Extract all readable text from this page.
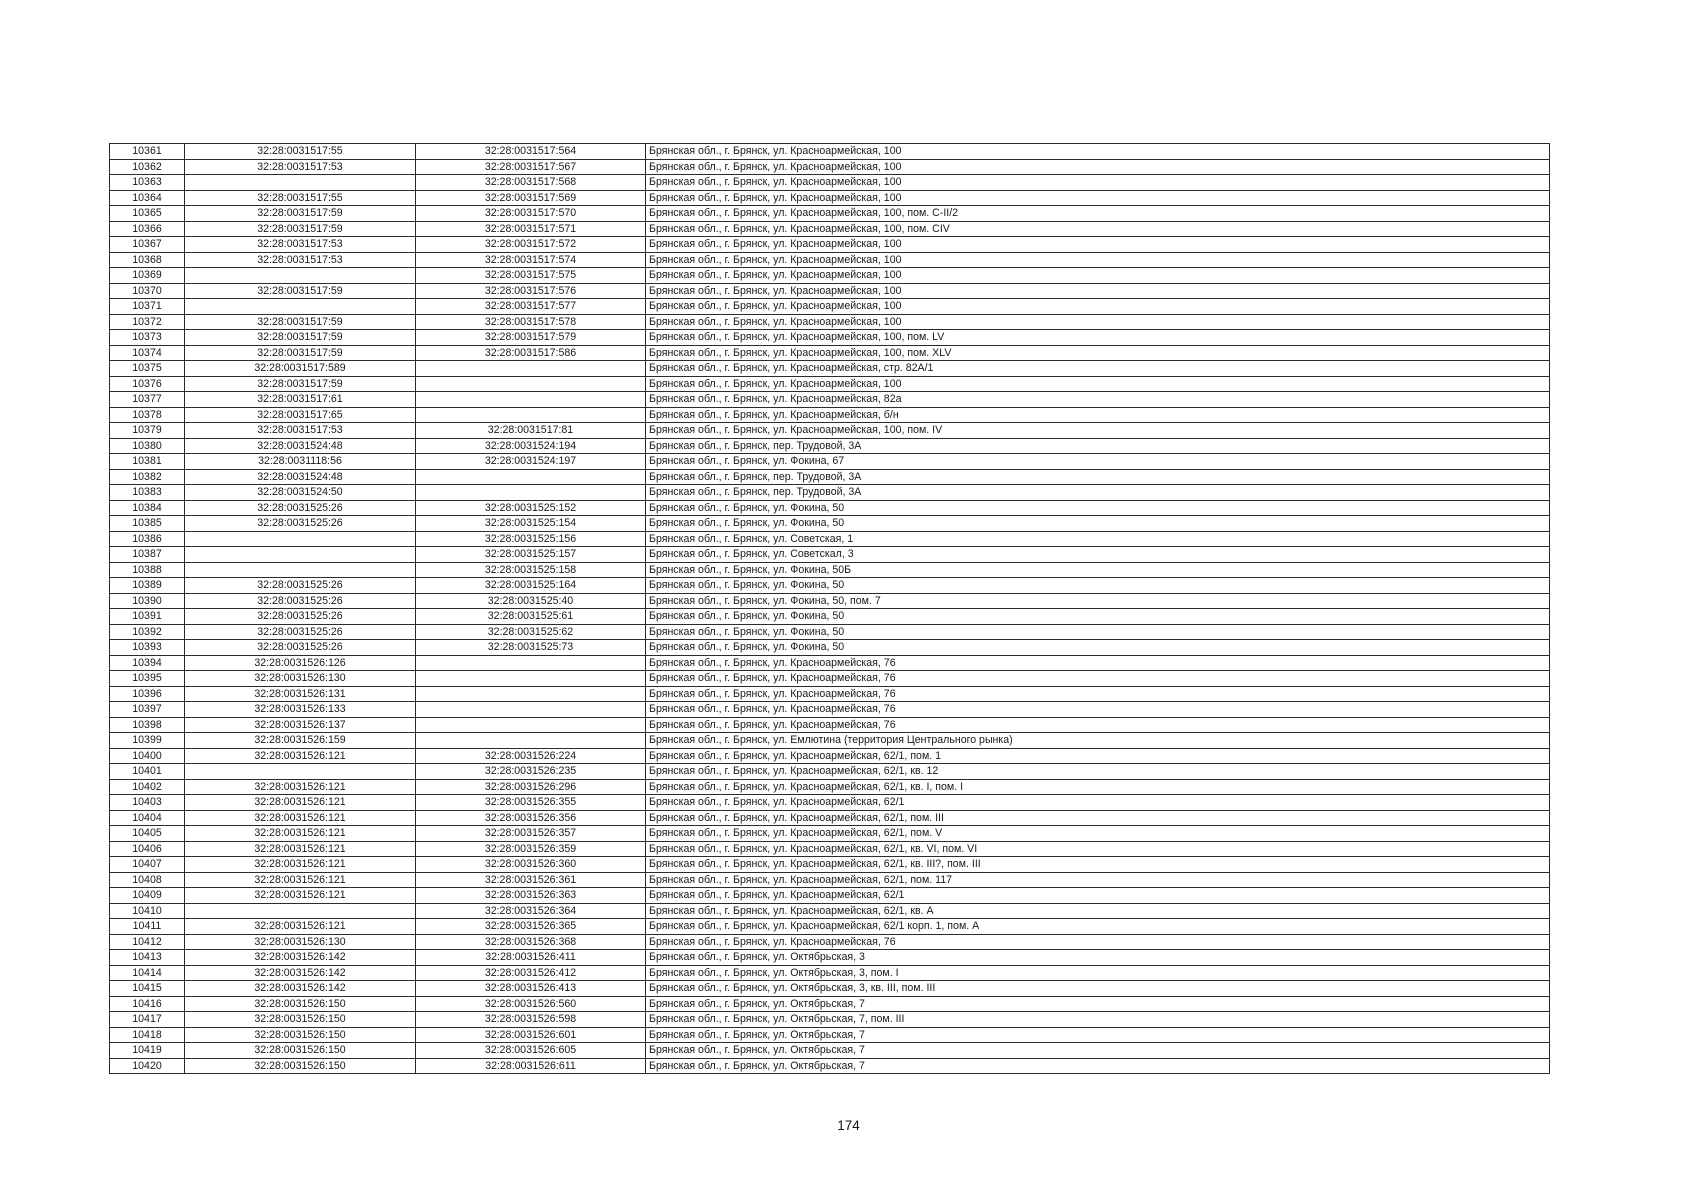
10361	32:28:0031517:55	32:28:0031517:564	Брянская обл., г. Брянск, ул. Красноармейская, 100
10362	32:28:0031517:53	32:28:0031517:567	Брянская обл., г. Брянск, ул. Красноармейская, 100
10363		32:28:0031517:568	Брянская обл., г. Брянск, ул. Красноармейская, 100
10364	32:28:0031517:55	32:28:0031517:569	Брянская обл., г. Брянск, ул. Красноармейская, 100
10365	32:28:0031517:59	32:28:0031517:570	Брянская обл., г. Брянск, ул. Красноармейская, 100, пом. С-II/2
10366	32:28:0031517:59	32:28:0031517:571	Брянская обл., г. Брянск, ул. Красноармейская, 100, пом. СIV
10367	32:28:0031517:53	32:28:0031517:572	Брянская обл., г. Брянск, ул. Красноармейская, 100
10368	32:28:0031517:53	32:28:0031517:574	Брянская обл., г. Брянск, ул. Красноармейская, 100
10369		32:28:0031517:575	Брянская обл., г. Брянск, ул. Красноармейская, 100
10370	32:28:0031517:59	32:28:0031517:576	Брянская обл., г. Брянск, ул. Красноармейская, 100
10371		32:28:0031517:577	Брянская обл., г. Брянск, ул. Красноармейская, 100
10372	32:28:0031517:59	32:28:0031517:578	Брянская обл., г. Брянск, ул. Красноармейская, 100
10373	32:28:0031517:59	32:28:0031517:579	Брянская обл., г. Брянск, ул. Красноармейская, 100, пом. LV
10374	32:28:0031517:59	32:28:0031517:586	Брянская обл., г. Брянск, ул. Красноармейская, 100, пом. XLV
10375	32:28:0031517:589		Брянская обл., г. Брянск, ул. Красноармейская, стр. 82А/1
10376	32:28:0031517:59		Брянская обл., г. Брянск, ул. Красноармейская, 100
10377	32:28:0031517:61		Брянская обл., г. Брянск, ул. Красноармейская, 82а
10378	32:28:0031517:65		Брянская обл., г. Брянск, ул. Красноармейская, б/н
10379	32:28:0031517:53	32:28:0031517:81	Брянская обл., г. Брянск, ул. Красноармейская, 100, пом. IV
10380	32:28:0031524:48	32:28:0031524:194	Брянская обл., г. Брянск, пер. Трудовой, 3А
10381	32:28:0031118:56	32:28:0031524:197	Брянская обл., г. Брянск, ул. Фокина, 67
10382	32:28:0031524:48		Брянская обл., г. Брянск, пер. Трудовой, 3А
10383	32:28:0031524:50		Брянская обл., г. Брянск, пер. Трудовой, 3А
10384	32:28:0031525:26	32:28:0031525:152	Брянская обл., г. Брянск, ул. Фокина, 50
10385	32:28:0031525:26	32:28:0031525:154	Брянская обл., г. Брянск, ул. Фокина, 50
10386		32:28:0031525:156	Брянская обл., г. Брянск, ул. Советская, 1
10387		32:28:0031525:157	Брянская обл., г. Брянск, ул. Советскал, 3
10388		32:28:0031525:158	Брянская обл., г. Брянск, ул. Фокина, 50Б
10389	32:28:0031525:26	32:28:0031525:164	Брянская обл., г. Брянск, ул. Фокина, 50
10390	32:28:0031525:26	32:28:0031525:40	Брянская обл., г. Брянск, ул. Фокина, 50, пом. 7
10391	32:28:0031525:26	32:28:0031525:61	Брянская обл., г. Брянск, ул. Фокина, 50
10392	32:28:0031525:26	32:28:0031525:62	Брянская обл., г. Брянск, ул. Фокина, 50
10393	32:28:0031525:26	32:28:0031525:73	Брянская обл., г. Брянск, ул. Фокина, 50
10394	32:28:0031526:126		Брянская обл., г. Брянск, ул. Красноармейская, 76
10395	32:28:0031526:130		Брянская обл., г. Брянск, ул. Красноармейская, 76
10396	32:28:0031526:131		Брянская обл., г. Брянск, ул. Красноармейская, 76
10397	32:28:0031526:133		Брянская обл., г. Брянск, ул. Красноармейская, 76
10398	32:28:0031526:137		Брянская обл., г. Брянск, ул. Красноармейская, 76
10399	32:28:0031526:159		Брянская обл., г. Брянск, ул. Емлютина (территория Центрального рынка)
10400	32:28:0031526:121	32:28:0031526:224	Брянская обл., г. Брянск, ул. Красноармейская, 62/1, пом. 1
10401		32:28:0031526:235	Брянская обл., г. Брянск, ул. Красноармейская, 62/1, кв. 12
10402	32:28:0031526:121	32:28:0031526:296	Брянская обл., г. Брянск, ул. Красноармейская, 62/1, кв. I, пом. I
10403	32:28:0031526:121	32:28:0031526:355	Брянская обл., г. Брянск, ул. Красноармейская, 62/1
10404	32:28:0031526:121	32:28:0031526:356	Брянская обл., г. Брянск, ул. Красноармейская, 62/1, пом. III
10405	32:28:0031526:121	32:28:0031526:357	Брянская обл., г. Брянск, ул. Красноармейская, 62/1, пом. V
10406	32:28:0031526:121	32:28:0031526:359	Брянская обл., г. Брянск, ул. Красноармейская, 62/1, кв. VI, пом. VI
10407	32:28:0031526:121	32:28:0031526:360	Брянская обл., г. Брянск, ул. Красноармейская, 62/1, кв. III?, пом. III
10408	32:28:0031526:121	32:28:0031526:361	Брянская обл., г. Брянск, ул. Красноармейская, 62/1, пом. 117
10409	32:28:0031526:121	32:28:0031526:363	Брянская обл., г. Брянск, ул. Красноармейская, 62/1
10410		32:28:0031526:364	Брянская обл., г. Брянск, ул. Красноармейская, 62/1, кв. А
10411	32:28:0031526:121	32:28:0031526:365	Брянская обл., г. Брянск, ул. Красноармейская, 62/1 корп. 1, пом. А
10412	32:28:0031526:130	32:28:0031526:368	Брянская обл., г. Брянск, ул. Красноармейская, 76
10413	32:28:0031526:142	32:28:0031526:411	Брянская обл., г. Брянск, ул. Октябрьская, 3
10414	32:28:0031526:142	32:28:0031526:412	Брянская обл., г. Брянск, ул. Октябрьская, 3, пом. I
10415	32:28:0031526:142	32:28:0031526:413	Брянская обл., г. Брянск, ул. Октябрьская, 3, кв. III, пом. III
10416	32:28:0031526:150	32:28:0031526:560	Брянская обл., г. Брянск, ул. Октябрьская, 7
10417	32:28:0031526:150	32:28:0031526:598	Брянская обл., г. Брянск, ул. Октябрьская, 7, пом. III
10418	32:28:0031526:150	32:28:0031526:601	Брянская обл., г. Брянск, ул. Октябрьская, 7
10419	32:28:0031526:150	32:28:0031526:605	Брянская обл., г. Брянск, ул. Октябрьская, 7
10420	32:28:0031526:150	32:28:0031526:611	Брянская обл., г. Брянск, ул. Октябрьская, 7
174
